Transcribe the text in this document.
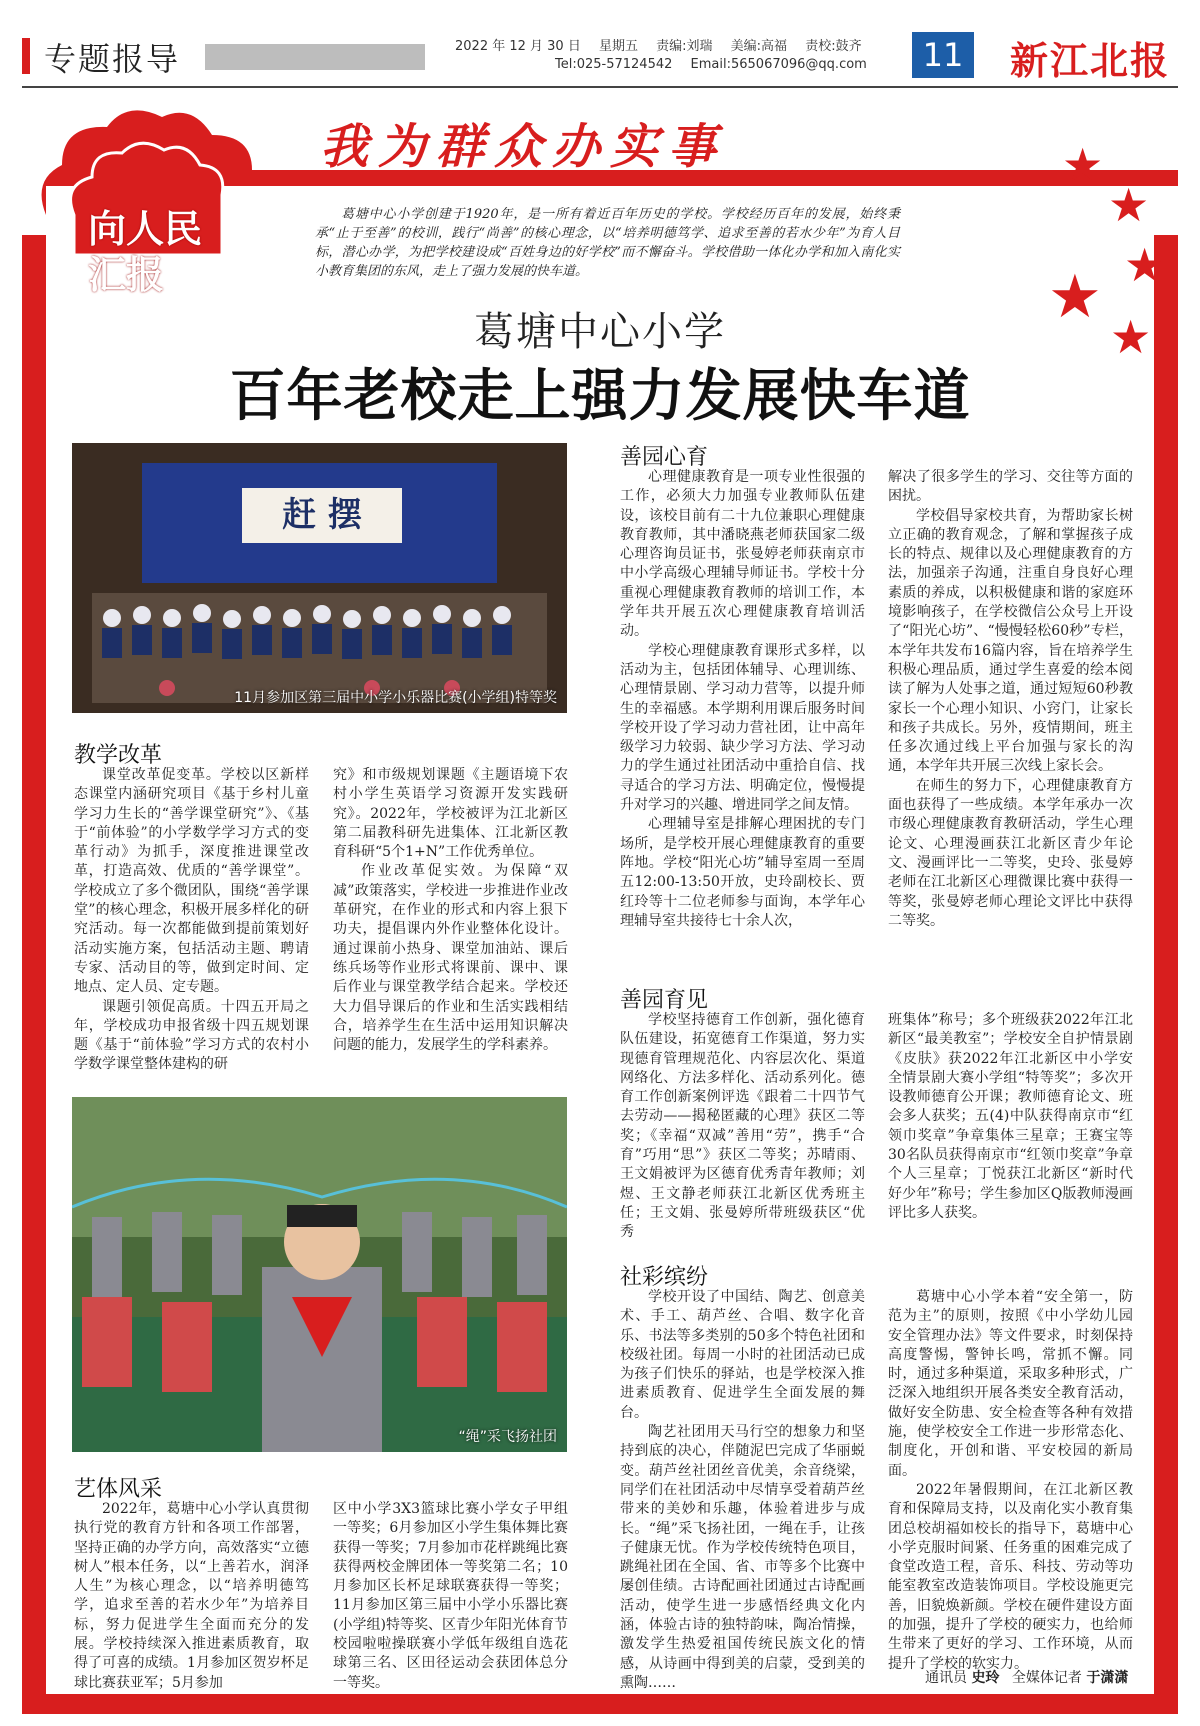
专题报导	2022 年 12 月 30 日 星期五 责编:刘瑞 美编:高福 责校:鼓齐
Tel:025-57124542 Email:565067096@qq.com	11 新江北报
我为群众办实事
向人民
汇报
★
★
★
★
★
葛塘中心小学创建于1920年，是一所有着近百年历史的学校。学校经历百年的发展，始终秉承“止于至善”的校训，践行“尚善”的核心理念，以“培养明德笃学、追求至善的若水少年”为育人目标，潜心办学，为把学校建设成“百姓身边的好学校”而不懈奋斗。学校借助一体化办学和加入南化实小教育集团的东风，走上了强力发展的快车道。
葛塘中心小学
百年老校走上强力发展快车道
赶 摆
11月参加区第三届中小学小乐器比赛(小学组)特等奖
教学改革

课堂改革促变革。学校以区新样态课堂内涵研究项目《基于乡村儿童学习力生长的“善学课堂研究”》、《基于“前体验”的小学数学学习方式的变革行动》为抓手，深度推进课堂改革，打造高效、优质的“善学课堂”。学校成立了多个微团队，围绕“善学课堂”的核心理念，积极开展多样化的研究活动。每一次都能做到提前策划好活动实施方案，包括活动主题、聘请专家、活动目的等，做到定时间、定地点、定人员、定专题。

课题引领促高质。十四五开局之年，学校成功申报省级十四五规划课题《基于“前体验”学习方式的农村小学数学课堂整体建构的研

究》和市级规划课题《主题语境下农村小学生英语学习资源开发实践研究》。2022年，学校被评为江北新区第二届教科研先进集体、江北新区教育科研“5个1+N”工作优秀单位。

作业改革促实效。为保障“双减”政策落实，学校进一步推进作业改革研究，在作业的形式和内容上狠下功夫，提倡课内外作业整体化设计。通过课前小热身、课堂加油站、课后练兵场等作业形式将课前、课中、课后作业与课堂教学结合起来。学校还大力倡导课后的作业和生活实践相结合，培养学生在生活中运用知识解决问题的能力，发展学生的学科素养。

“绳”采飞扬社团
艺体风采

2022年，葛塘中心小学认真贯彻执行党的教育方针和各项工作部署，坚持正确的办学方向，高效落实“立德树人”根本任务，以“上善若水，润泽人生”为核心理念，以“培养明德笃学，追求至善的若水少年”为培养目标，努力促进学生全面而充分的发展。学校持续深入推进素质教育，取得了可喜的成绩。1月参加区贺岁杯足球比赛获亚军；5月参加

区中小学3X3篮球比赛小学女子甲组一等奖；6月参加区小学生集体舞比赛获得一等奖；7月参加市花样跳绳比赛获得两校金牌团体一等奖第二名；10月参加区长杯足球联赛获得一等奖；11月参加区第三届中小学小乐器比赛(小学组)特等奖、区青少年阳光体育节校园啦啦操联赛小学低年级组自选花球第三名、区田径运动会获团体总分一等奖。

善园心育

心理健康教育是一项专业性很强的工作，必须大力加强专业教师队伍建设，该校目前有二十九位兼职心理健康教育教师，其中潘晓燕老师获国家二级心理咨询员证书，张曼婷老师获南京市中小学高级心理辅导师证书。学校十分重视心理健康教育教师的培训工作，本学年共开展五次心理健康教育培训活动。

学校心理健康教育课形式多样，以活动为主，包括团体辅导、心理训练、心理情景剧、学习动力营等，以提升师生的幸福感。本学期利用课后服务时间学校开设了学习动力营社团，让中高年级学习力较弱、缺少学习方法、学习动力的学生通过社团活动中重拾自信、找寻适合的学习方法、明确定位，慢慢提升对学习的兴趣、增进同学之间友情。

心理辅导室是排解心理困扰的专门场所，是学校开展心理健康教育的重要阵地。学校“阳光心坊”辅导室周一至周五12:00-13:50开放，史玲副校长、贾红玲等十二位老师参与面询，本学年心理辅导室共接待七十余人次，

解决了很多学生的学习、交往等方面的困扰。

学校倡导家校共育，为帮助家长树立正确的教育观念，了解和掌握孩子成长的特点、规律以及心理健康教育的方法，加强亲子沟通，注重自身良好心理素质的养成，以积极健康和谐的家庭环境影响孩子，在学校微信公众号上开设了“阳光心坊”、“慢慢轻松60秒”专栏，本学年共发布16篇内容，旨在培养学生积极心理品质，通过学生喜爱的绘本阅读了解为人处事之道，通过短短60秒教家长一个心理小知识、小窍门，让家长和孩子共成长。另外，疫情期间，班主任多次通过线上平台加强与家长的沟通，本学年共开展三次线上家长会。

在师生的努力下，心理健康教育方面也获得了一些成绩。本学年承办一次市级心理健康教育教研活动，学生心理论文、心理漫画获江北新区青少年论文、漫画评比一二等奖，史玲、张曼婷老师在江北新区心理微课比赛中获得一等奖，张曼婷老师心理论文评比中获得二等奖。

善园育见

学校坚持德育工作创新，强化德育队伍建设，拓宽德育工作渠道，努力实现德育管理规范化、内容层次化、渠道网络化、方法多样化、活动系列化。德育工作创新案例评选《跟着二十四节气去劳动——揭秘匿藏的心理》获区二等奖；《幸福“双减”善用“劳”，携手“合育”巧用“思”》获区二等奖；苏晴雨、王文娟被评为区德育优秀青年教师；刘煜、王文静老师获江北新区优秀班主任；王文娟、张曼婷所带班级获区“优秀

班集体”称号；多个班级获2022年江北新区“最美教室”；学校安全自护情景剧《皮肤》获2022年江北新区中小学安全情景剧大赛小学组“特等奖”；多次开设教师德育公开课；教师德育论文、班会多人获奖；五(4)中队获得南京市“红领巾奖章”争章集体三星章；王赛宝等30名队员获得南京市“红领巾奖章”争章个人三星章；丁悦获江北新区“新时代好少年”称号；学生参加区Q版教师漫画评比多人获奖。

社彩缤纷

学校开设了中国结、陶艺、创意美术、手工、葫芦丝、合唱、数字化音乐、书法等多类别的50多个特色社团和校级社团。每周一小时的社团活动已成为孩子们快乐的驿站，也是学校深入推进素质教育、促进学生全面发展的舞台。

陶艺社团用天马行空的想象力和坚持到底的决心，伴随泥巴完成了华丽蜕变。葫芦丝社团丝音优美，余音绕梁，同学们在社团活动中尽情享受着葫芦丝带来的美妙和乐趣，体验着进步与成长。“绳”采飞扬社团，一绳在手，让孩子健康无忧。作为学校传统特色项目，跳绳社团在全国、省、市等多个比赛中屡创佳绩。古诗配画社团通过古诗配画活动，使学生进一步感悟经典文化内涵，体验古诗的独特韵味，陶冶情操，激发学生热爱祖国传统民族文化的情感，从诗画中得到美的启蒙，受到美的熏陶……

葛塘中心小学本着“安全第一，防范为主”的原则，按照《中小学幼儿园安全管理办法》等文件要求，时刻保持高度警惕，警钟长鸣，常抓不懈。同时，通过多种渠道，采取多种形式，广泛深入地组织开展各类安全教育活动，做好安全防患、安全检查等各种有效措施，使学校安全工作进一步形常态化、制度化，开创和谐、平安校园的新局面。

2022年暑假期间，在江北新区教育和保障局支持，以及南化实小教育集团总校胡福如校长的指导下，葛塘中心小学克服时间紧、任务重的困难完成了食堂改造工程，音乐、科技、劳动等功能室教室改造装饰项目。学校设施更完善，旧貌焕新颜。学校在硬件建设方面的加强，提升了学校的硬实力，也给师生带来了更好的学习、工作环境，从而提升了学校的软实力。

通讯员 史玲 全媒体记者 于潇潇
